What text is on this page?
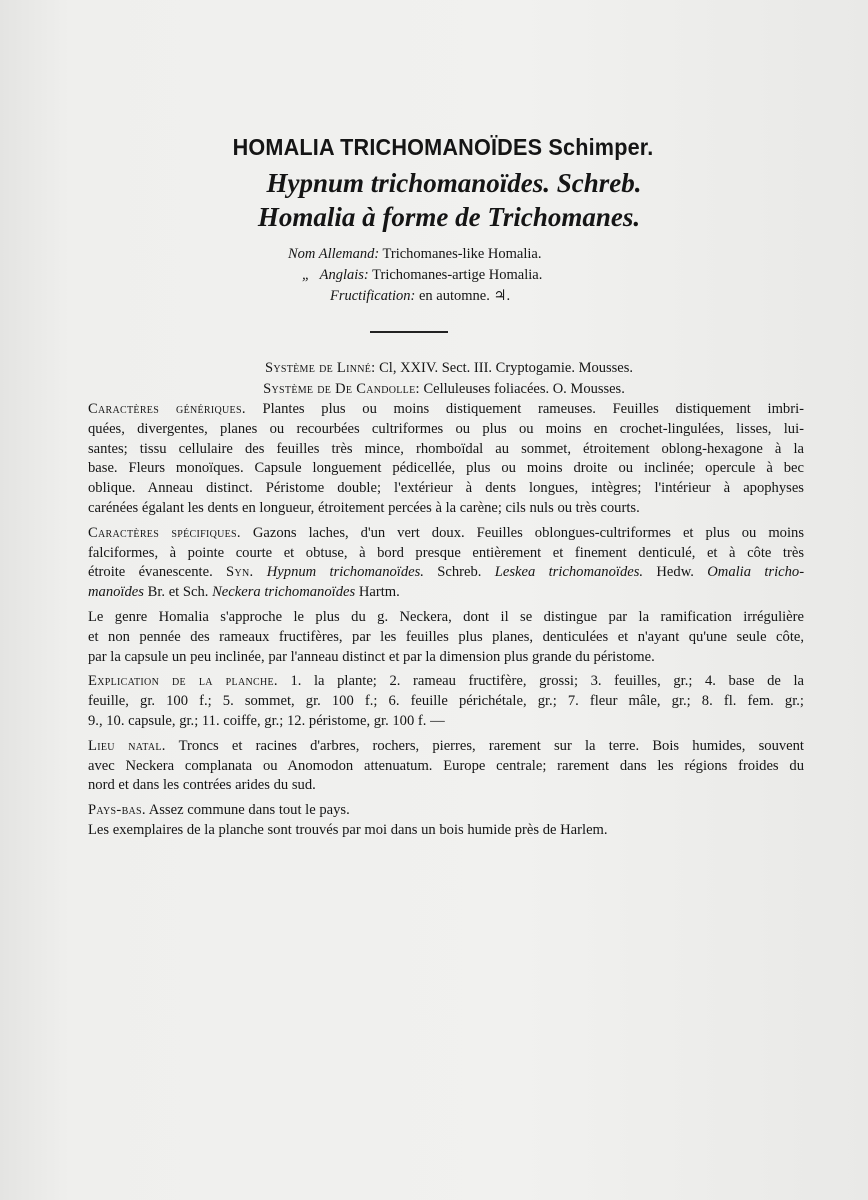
HOMALIA TRICHOMANOÏDES Schimper.
Hypnum trichomanoïdes. Schreb.
Homalia à forme de Trichomanes.
Nom Allemand: Trichomanes-like Homalia.
„ Anglais: Trichomanes-artige Homalia.
Fructification: en automne. ♃.
Système de Linné: Cl, XXIV. Sect. III. Cryptogamie. Mousses.
Système de De Candolle: Celluleuses foliacées. O. Mousses.

Caractères génériques. Plantes plus ou moins distiquement rameuses. Feuilles distiquement imbri-
quées, divergentes, planes ou recourbées cultriformes ou plus ou moins en crochet-lingulées, lisses, lui-
santes; tissu cellulaire des feuilles très mince, rhomboïdal au sommet, étroitement oblong-hexagone à la
base. Fleurs monoïques. Capsule longuement pédicellée, plus ou moins droite ou inclinée; opercule à bec
oblique. Anneau distinct. Péristome double; l'extérieur à dents longues, intègres; l'intérieur à apophyses
carénées égalant les dents en longueur, étroitement percées à la carène; cils nuls ou très courts.

Caractères spécifiques. Gazons laches, d'un vert doux. Feuilles oblongues-cultriformes et plus ou moins
falciformes, à pointe courte et obtuse, à bord presque entièrement et finement denticulé, et à côte très
étroite évanescente. Syn. Hypnum trichomanoïdes. Schreb. Leskea trichomanoïdes. Hedw. Omalia tricho-
manoïdes Br. et Sch. Neckera trichomanoïdes Hartm.

Le genre Homalia s'approche le plus du g. Neckera, dont il se distingue par la ramification irrégulière
et non pennée des rameaux fructifères, par les feuilles plus planes, denticulées et n'ayant qu'une seule côte,
par la capsule un peu inclinée, par l'anneau distinct et par la dimension plus grande du péristome.

Explication de la planche. 1. la plante; 2. rameau fructifère, grossi; 3. feuilles, gr.; 4. base de la
feuille, gr. 100 f.; 5. sommet, gr. 100 f.; 6. feuille périchétale, gr.; 7. fleur mâle, gr.; 8. fl. fem. gr.;
9., 10. capsule, gr.; 11. coiffe, gr.; 12. péristome, gr. 100 f. —

Lieu natal. Troncs et racines d'arbres, rochers, pierres, rarement sur la terre. Bois humides, souvent
avec Neckera complanata ou Anomodon attenuatum. Europe centrale; rarement dans les régions froides du
nord et dans les contrées arides du sud.

Pays-bas. Assez commune dans tout le pays.

Les exemplaires de la planche sont trouvés par moi dans un bois humide près de Harlem.
